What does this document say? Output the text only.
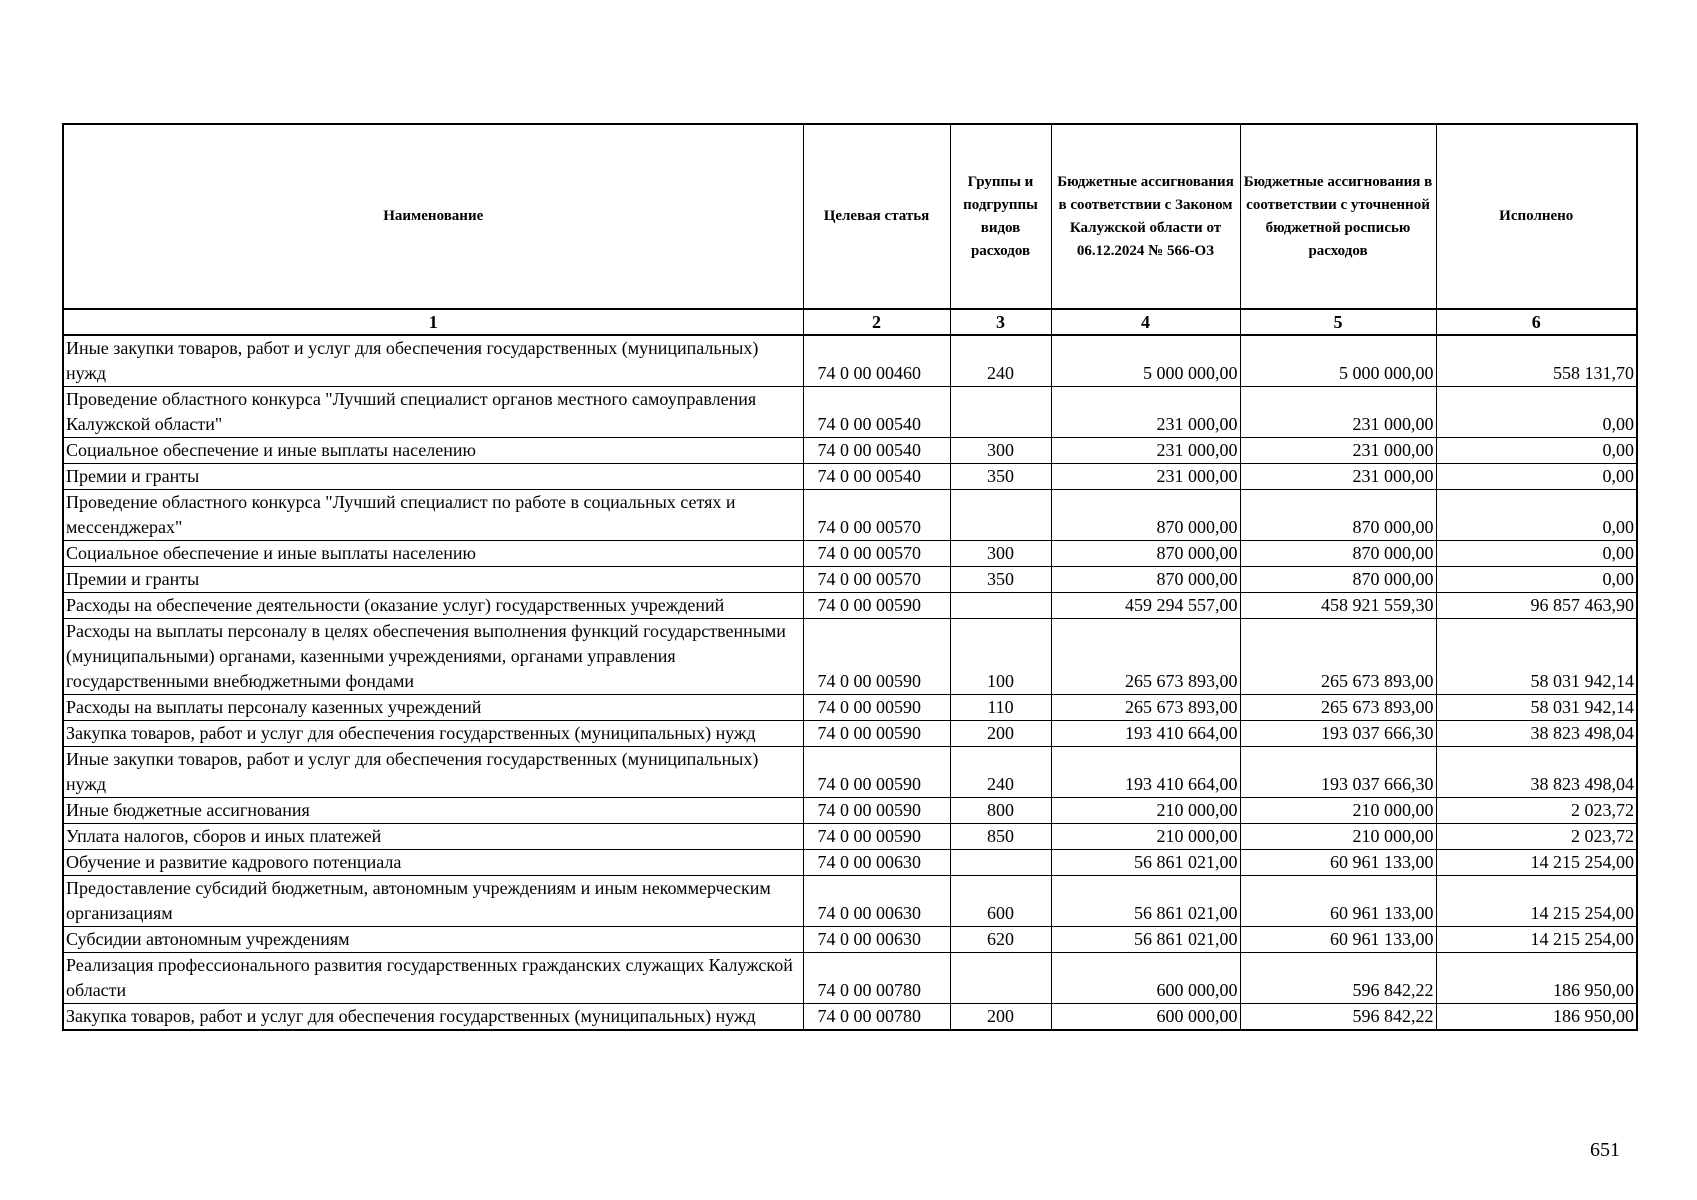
Наименование	Целевая статья	Группы и подгруппы видов расходов	Бюджетные ассигнования в соответствии с Законом Калужской области от 06.12.2024 № 566-ОЗ	Бюджетные ассигнования в соответствии с уточненной бюджетной росписью расходов	Исполнено
1	2	3	4	5	6
Иные закупки товаров, работ и услуг для обеспечения государственных (муниципальных) нужд	74 0 00 00460	240	5 000 000,00	5 000 000,00	558 131,70
Проведение областного конкурса "Лучший специалист органов местного самоуправления Калужской области"	74 0 00 00540		231 000,00	231 000,00	0,00
Социальное обеспечение и иные выплаты населению	74 0 00 00540	300	231 000,00	231 000,00	0,00
Премии и гранты	74 0 00 00540	350	231 000,00	231 000,00	0,00
Проведение областного конкурса "Лучший специалист по работе в социальных сетях и мессенджерах"	74 0 00 00570		870 000,00	870 000,00	0,00
Социальное обеспечение и иные выплаты населению	74 0 00 00570	300	870 000,00	870 000,00	0,00
Премии и гранты	74 0 00 00570	350	870 000,00	870 000,00	0,00
Расходы на обеспечение деятельности (оказание услуг) государственных учреждений	74 0 00 00590		459 294 557,00	458 921 559,30	96 857 463,90
Расходы на выплаты персоналу в целях обеспечения выполнения функций государственными (муниципальными) органами, казенными учреждениями, органами управления государственными внебюджетными фондами	74 0 00 00590	100	265 673 893,00	265 673 893,00	58 031 942,14
Расходы на выплаты персоналу казенных учреждений	74 0 00 00590	110	265 673 893,00	265 673 893,00	58 031 942,14
Закупка товаров, работ и услуг для обеспечения государственных (муниципальных) нужд	74 0 00 00590	200	193 410 664,00	193 037 666,30	38 823 498,04
Иные закупки товаров, работ и услуг для обеспечения государственных (муниципальных) нужд	74 0 00 00590	240	193 410 664,00	193 037 666,30	38 823 498,04
Иные бюджетные ассигнования	74 0 00 00590	800	210 000,00	210 000,00	2 023,72
Уплата налогов, сборов и иных платежей	74 0 00 00590	850	210 000,00	210 000,00	2 023,72
Обучение и развитие кадрового потенциала	74 0 00 00630		56 861 021,00	60 961 133,00	14 215 254,00
Предоставление субсидий бюджетным, автономным учреждениям и иным некоммерческим организациям	74 0 00 00630	600	56 861 021,00	60 961 133,00	14 215 254,00
Субсидии автономным учреждениям	74 0 00 00630	620	56 861 021,00	60 961 133,00	14 215 254,00
Реализация профессионального развития государственных гражданских служащих Калужской области	74 0 00 00780		600 000,00	596 842,22	186 950,00
Закупка товаров, работ и услуг для обеспечения государственных (муниципальных) нужд	74 0 00 00780	200	600 000,00	596 842,22	186 950,00
651
